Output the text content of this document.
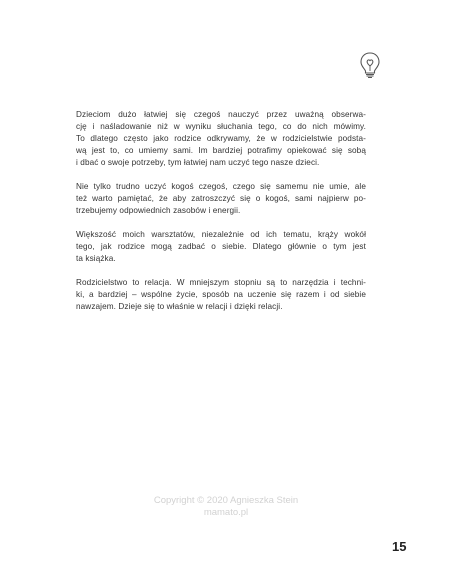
Dzieciom dużo łatwiej się czegoś nauczyć przez uważną obserwa-
cję i naśladowanie niż w wyniku słuchania tego, co do nich mówimy.
To dlatego często jako rodzice odkrywamy, że w rodzicielstwie podsta-
wą jest to, co umiemy sami. Im bardziej potrafimy opiekować się sobą
i dbać o swoje potrzeby, tym łatwiej nam uczyć tego nasze dzieci.
Nie tylko trudno uczyć kogoś czegoś, czego się samemu nie umie, ale
też warto pamiętać, że aby zatroszczyć się o kogoś, sami najpierw po-
trzebujemy odpowiednich zasobów i energii.
Większość moich warsztatów, niezależnie od ich tematu, krąży wokół
tego, jak rodzice mogą zadbać o siebie. Dlatego głównie o tym jest
ta książka.
Rodzicielstwo to relacja. W mniejszym stopniu są to narzędzia i techni-
ki, a bardziej – wspólne życie, sposób na uczenie się razem i od siebie
nawzajem. Dzieje się to właśnie w relacji i dzięki relacji.
Copyright © 2020 Agnieszka Stein
mamato.pl
15
